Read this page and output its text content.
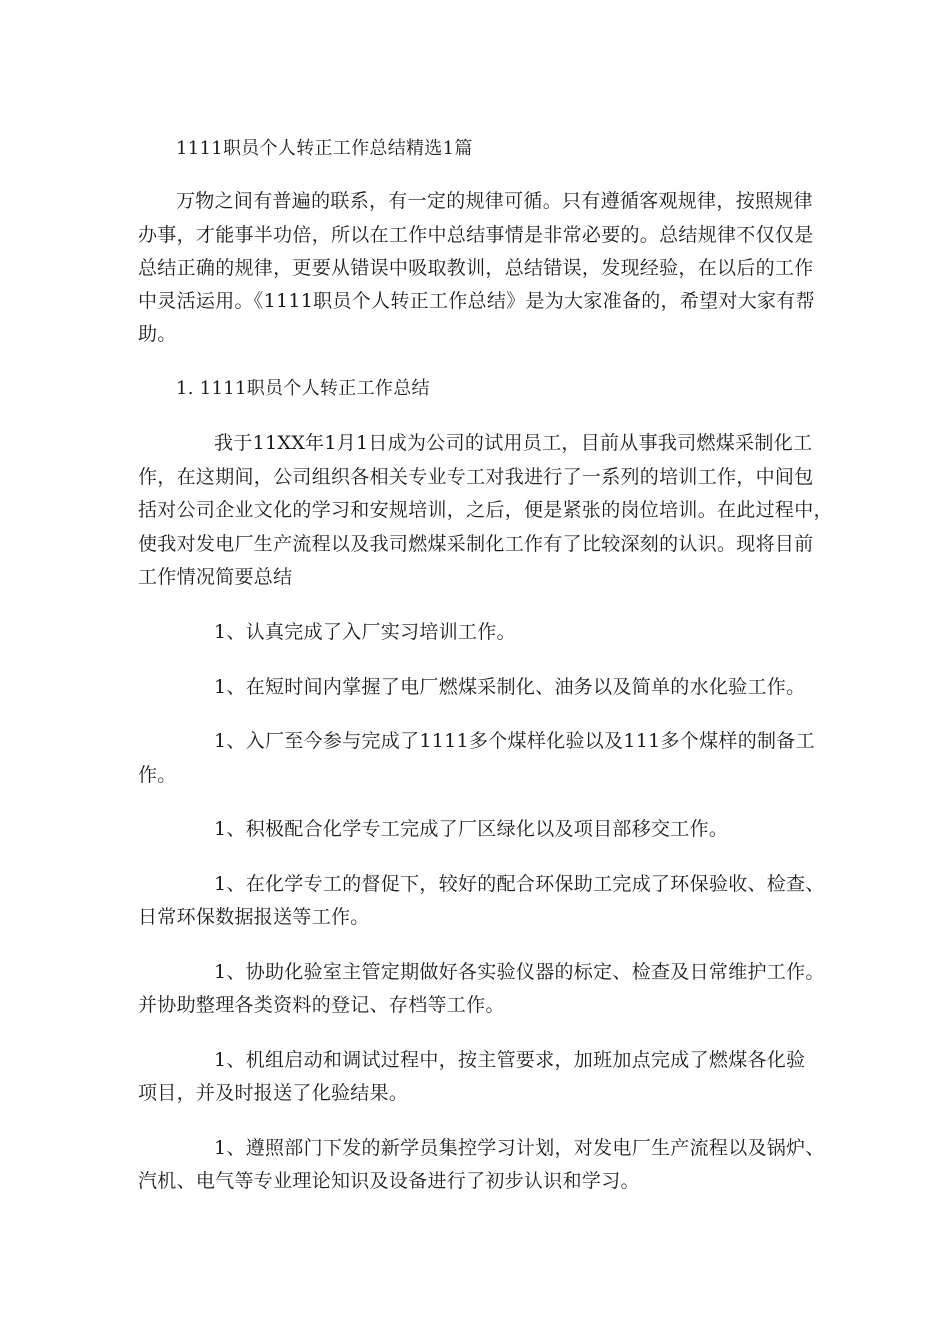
1111职员个人转正工作总结精选1篇
万物之间有普遍的联系，有一定的规律可循。只有遵循客观规律，按照规律
办事，才能事半功倍，所以在工作中总结事情是非常必要的。总结规律不仅仅是
总结正确的规律，更要从错误中吸取教训，总结错误，发现经验，在以后的工作
中灵活运用。《1111职员个人转正工作总结》是为大家准备的，希望对大家有帮
助。
1. 1111职员个人转正工作总结
我于11XX年1月1日成为公司的试用员工，目前从事我司燃煤采制化工
作，在这期间，公司组织各相关专业专工对我进行了一系列的培训工作，中间包
括对公司企业文化的学习和安规培训，之后，便是紧张的岗位培训。在此过程中，
使我对发电厂生产流程以及我司燃煤采制化工作有了比较深刻的认识。现将目前
工作情况简要总结
1、认真完成了入厂实习培训工作。
1、在短时间内掌握了电厂燃煤采制化、油务以及简单的水化验工作。
1、入厂至今参与完成了1111多个煤样化验以及111多个煤样的制备工
作。
1、积极配合化学专工完成了厂区绿化以及项目部移交工作。
1、在化学专工的督促下，较好的配合环保助工完成了环保验收、检查、
日常环保数据报送等工作。
1、协助化验室主管定期做好各实验仪器的标定、检查及日常维护工作。
并协助整理各类资料的登记、存档等工作。
1、机组启动和调试过程中，按主管要求，加班加点完成了燃煤各化验
项目，并及时报送了化验结果。
1、遵照部门下发的新学员集控学习计划，对发电厂生产流程以及锅炉、
汽机、电气等专业理论知识及设备进行了初步认识和学习。
